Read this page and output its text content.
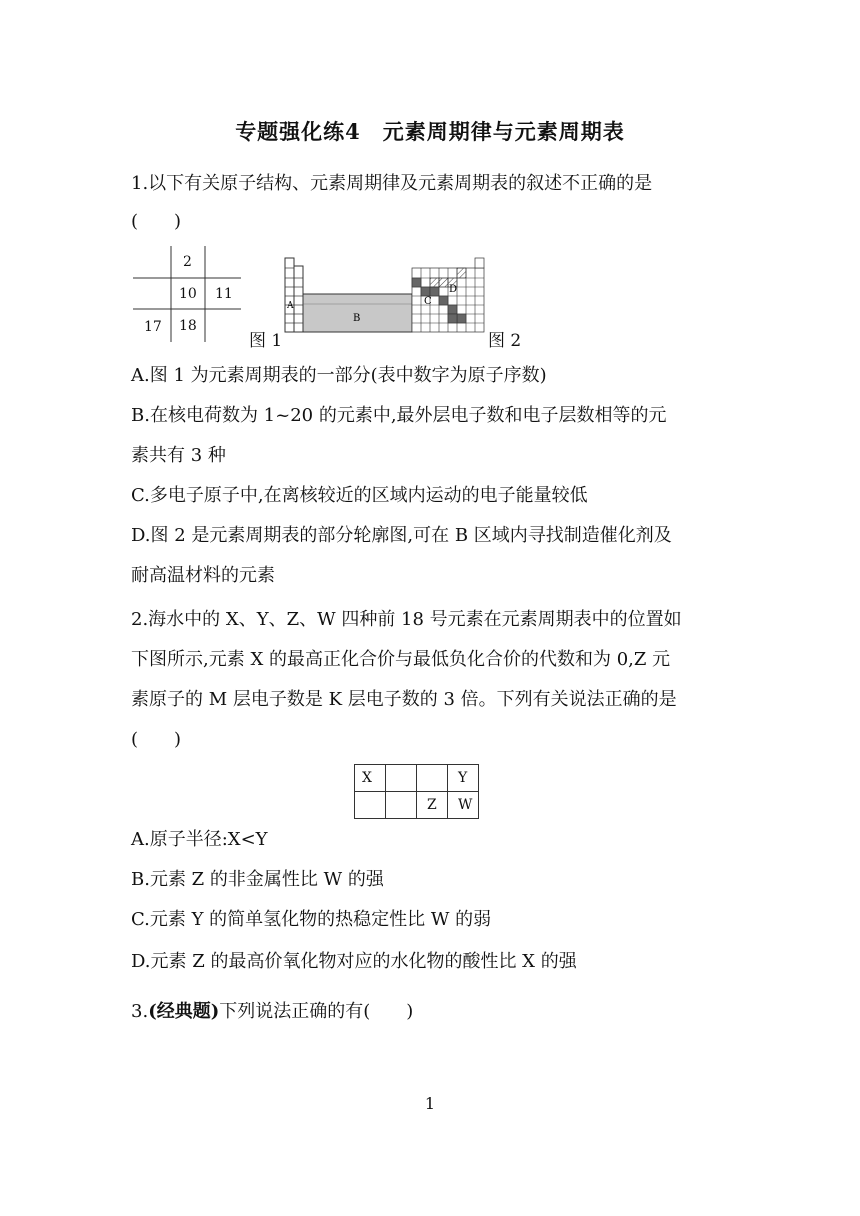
专题强化练4　元素周期律与元素周期表
1.以下有关原子结构、元素周期律及元素周期表的叙述不正确的是
(　　)
2
10 11
17 18
图 1
A
B
C
D
图 2
A.图 1 为元素周期表的一部分(表中数字为原子序数)
B.在核电荷数为 1~20 的元素中,最外层电子数和电子层数相等的元
素共有 3 种
C.多电子原子中,在离核较近的区域内运动的电子能量较低
D.图 2 是元素周期表的部分轮廓图,可在 B 区域内寻找制造催化剂及
耐高温材料的元素
2.海水中的 X、Y、Z、W 四种前 18 号元素在元素周期表中的位置如
下图所示,元素 X 的最高正化合价与最低负化合价的代数和为 0,Z 元
素原子的 M 层电子数是 K 层电子数的 3 倍。下列有关说法正确的是
(　　)
X	Y
Z W
A.原子半径:X<Y
B.元素 Z 的非金属性比 W 的强
C.元素 Y 的简单氢化物的热稳定性比 W 的弱
D.元素 Z 的最高价氧化物对应的水化物的酸性比 X 的强
3.(经典题)下列说法正确的有(　　)
1
